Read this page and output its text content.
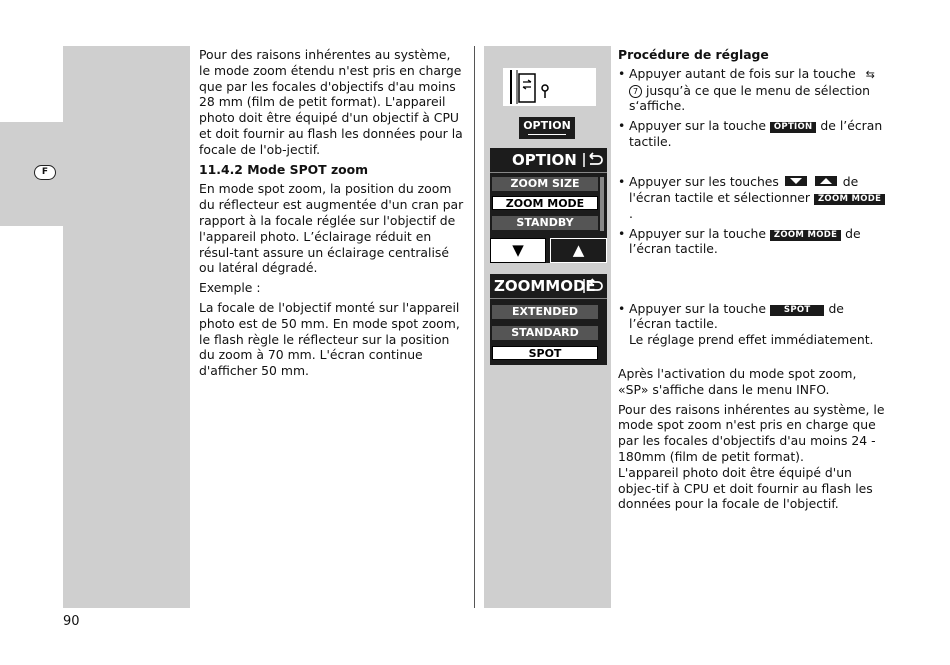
F

Pour des raisons inhérentes au système, le mode zoom étendu n'est pris en charge que par les focales d'objectifs d'au moins 28 mm (film de petit format). L'appareil photo doit être équipé d'un objectif à CPU et doit fournir au flash les données pour la focale de l'ob-jectif.

11.4.2 Mode SPOT zoom

En mode spot zoom, la position du zoom du réflecteur est augmentée d'un cran par rapport à la focale réglée sur l'objectif de l'appareil photo. L’éclairage réduit en résul-tant assure un éclairage centralisé ou latéral dégradé.

Exemple :

La focale de l'objectif monté sur l'appareil photo est de 50 mm. En mode spot zoom, le flash règle le réflecteur sur la position du zoom à 70 mm. L'écran continue d'afficher 50 mm.

OPTION
OPTION
ZOOM SIZE
ZOOM MODE
STANDBY
▼	▲
ZOOMMODE
EXTENDED
STANDARD
SPOT
Procédure de réglage
• Appuyer autant de fois sur la touche ⇆ 7 jusqu’à ce que le menu de sélection s‘affiche.
• Appuyer sur la touche OPTION de l’écran tactile.
• Appuyer sur les touches
	de l'écran tactile et sélectionner ZOOM MODE.
• Appuyer sur la touche ZOOM MODE de l’écran tactile.
• Appuyer sur la touche SPOT de l’écran tactile.
Le réglage prend effet immédiatement.

Après l'activation du mode spot zoom, «SP» s'affiche dans le menu INFO.

Pour des raisons inhérentes au système, le mode spot zoom n'est pris en charge que par les focales d'objectifs d'au moins 24 - 180mm (film de petit format).

L'appareil photo doit être équipé d'un objec-tif à CPU et doit fournir au flash les données pour la focale de l'objectif.

90
